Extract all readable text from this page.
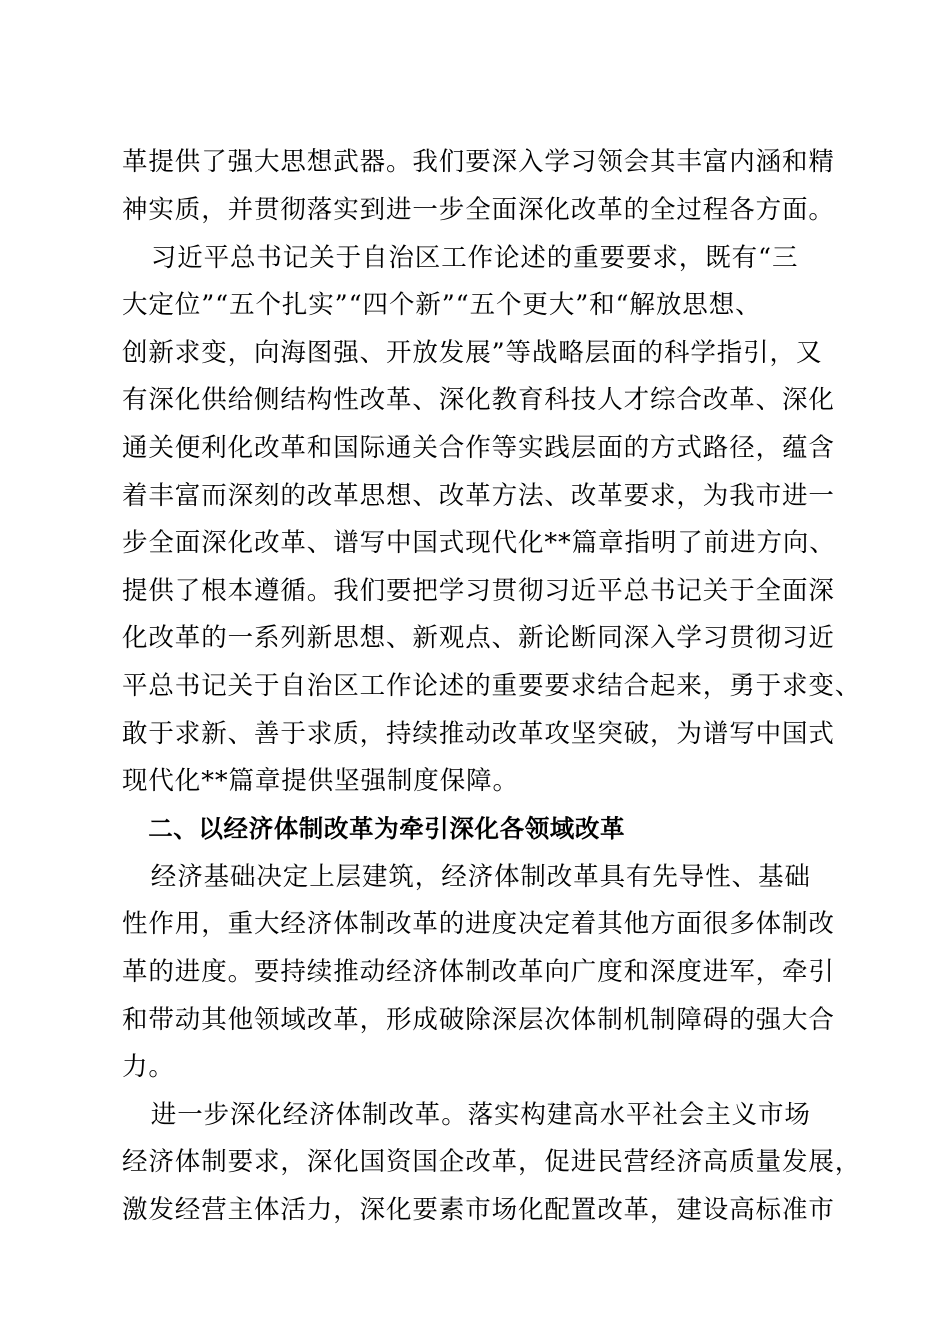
革提供了强大思想武器。我们要深入学习领会其丰富内涵和精
神实质，并贯彻落实到进一步全面深化改革的全过程各方面。
　　习近平总书记关于自治区工作论述的重要要求，既有“三
大定位”“五个扎实”“四个新”“五个更大”和“解放思想、
创新求变，向海图强、开放发展”等战略层面的科学指引，又
有深化供给侧结构性改革、深化教育科技人才综合改革、深化
通关便利化改革和国际通关合作等实践层面的方式路径，蕴含
着丰富而深刻的改革思想、改革方法、改革要求，为我市进一
步全面深化改革、谱写中国式现代化**篇章指明了前进方向、
提供了根本遵循。我们要把学习贯彻习近平总书记关于全面深
化改革的一系列新思想、新观点、新论断同深入学习贯彻习近
平总书记关于自治区工作论述的重要要求结合起来，勇于求变、
敢于求新、善于求质，持续推动改革攻坚突破，为谱写中国式
现代化**篇章提供坚强制度保障。
　　二、以经济体制改革为牵引深化各领域改革
　　经济基础决定上层建筑，经济体制改革具有先导性、基础
性作用，重大经济体制改革的进度决定着其他方面很多体制改
革的进度。要持续推动经济体制改革向广度和深度进军，牵引
和带动其他领域改革，形成破除深层次体制机制障碍的强大合
力。
　　进一步深化经济体制改革。落实构建高水平社会主义市场
经济体制要求，深化国资国企改革，促进民营经济高质量发展，
激发经营主体活力，深化要素市场化配置改革，建设高标准市
